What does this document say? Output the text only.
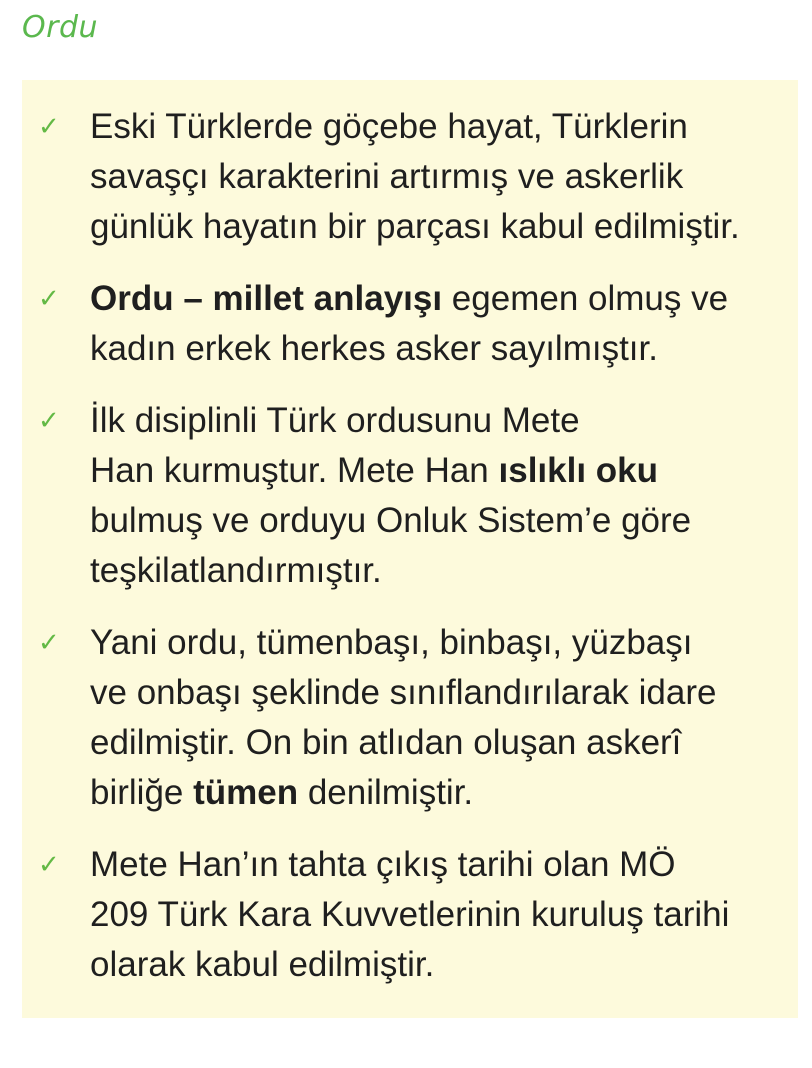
Ordu
✓ Eski Türklerde göçebe hayat, Türklerin
savaşçı karakterini artırmış ve askerlik
günlük hayatın bir parçası kabul edilmiştir.
✓ Ordu – millet anlayışı egemen olmuş ve
kadın erkek herkes asker sayılmıştır.
✓ İlk disiplinli Türk ordusunu Mete
Han kurmuştur. Mete Han ıslıklı oku
bulmuş ve orduyu Onluk Sistem’e göre
teşkilatlandırmıştır.
✓ Yani ordu, tümenbaşı, binbaşı, yüzbaşı
ve onbaşı şeklinde sınıflandırılarak idare
edilmiştir. On bin atlıdan oluşan askerî
birliğe tümen denilmiştir.
✓ Mete Han’ın tahta çıkış tarihi olan MÖ
209 Türk Kara Kuvvetlerinin kuruluş tarihi
olarak kabul edilmiştir.
